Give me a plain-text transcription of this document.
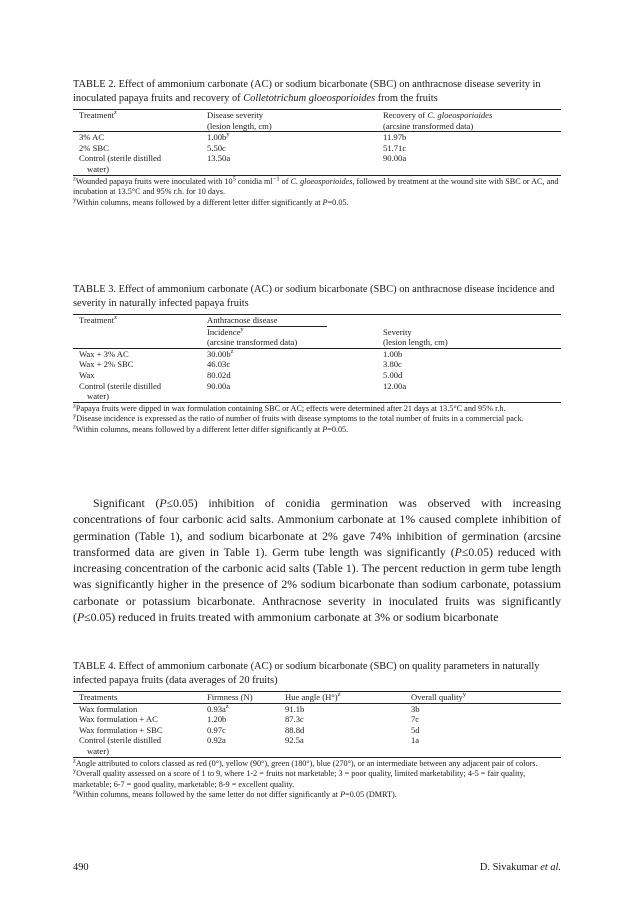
TABLE 2. Effect of ammonium carbonate (AC) or sodium bicarbonate (SBC) on anthracnose disease severity in inoculated papaya fruits and recovery of Colletotrichum gloeosporioides from the fruits

Treatment$^z$	Disease severity	Recovery of C. gloeosporioides
	(lesion length, cm)	(arcsine transformed data)
3% AC	$1.00b^y$	11.97b
2% SBC	5.50c	51.71c
Control (sterile distilled	13.50a	90.00a
water)		

$^z$Wounded papaya fruits were inoculated with $10^5$ conidia $ml^{-1}$ of C. gloeosporioides, followed by treatment at the wound site with SBC or AC, and incubation at 13.5°C and 95% r.h. for 10 days.

$^y$Within columns, means followed by a different letter differ significantly at P=0.05.

TABLE 3. Effect of ammonium carbonate (AC) or sodium bicarbonate (SBC) on anthracnose disease incidence and severity in naturally infected papaya fruits

Treatment$^z$	Anthracnose disease	

	Incidence$^y$	Severity
	(arcsine transformed data)	(lesion length, cm)
Wax + 3% AC	$30.00b^z$	1.00b
Wax + 2% SBC	46.03c	3.80c
Wax	80.02d	5.00d
Control (sterile distilled	90.00a	12.00a
water)		

$^z$Papaya fruits were dipped in wax formulation containing SBC or AC; effects were determined after 21 days at 13.5°C and 95% r.h.

$^y$Disease incidence is expressed as the ratio of number of fruits with disease symptoms to the total number of fruits in a commercial pack.

$^z$Within columns, means followed by a different letter differ significantly at P=0.05.

Significant (P≤0.05) inhibition of conidia germination was observed with increasing concentrations of four carbonic acid salts. Ammonium carbonate at 1% caused complete inhibition of germination (Table 1), and sodium bicarbonate at 2% gave 74% inhibition of germination (arcsine transformed data are given in Table 1). Germ tube length was significantly (P≤0.05) reduced with increasing concentration of the carbonic acid salts (Table 1). The percent reduction in germ tube length was significantly higher in the presence of 2% sodium bicarbonate than sodium carbonate, potassium carbonate or potassium bicarbonate. Anthracnose severity in inoculated fruits was significantly (P≤0.05) reduced in fruits treated with ammonium carbonate at 3% or sodium bicarbonate

TABLE 4. Effect of ammonium carbonate (AC) or sodium bicarbonate (SBC) on quality parameters in naturally infected papaya fruits (data averages of 20 fruits)

Treatments	Firmness (N)	Hue angle $(H^\circ)^z$	Overall quality$^y$
Wax formulation	$0.93a^z$	91.1b	3b
Wax formulation + AC	1.20b	87.3c	7c
Wax formulation + SBC	0.97c	88.8d	5d
Control (sterile distilled	0.92a	92.5a	1a
water)			

$^z$Angle attributed to colors classed as red (0°), yellow (90°), green (180°), blue (270°), or an intermediate between any adjacent pair of colors.

$^y$Overall quality assessed on a score of 1 to 9, where 1-2 = fruits not marketable; 3 = poor quality, limited marketability; 4-5 = fair quality, marketable; 6-7 = good quality, marketable; 8-9 = excellent quality.

$^z$Within columns, means followed by the same letter do not differ significantly at P=0.05 (DMRT).

490	D. Sivakumar et al.
